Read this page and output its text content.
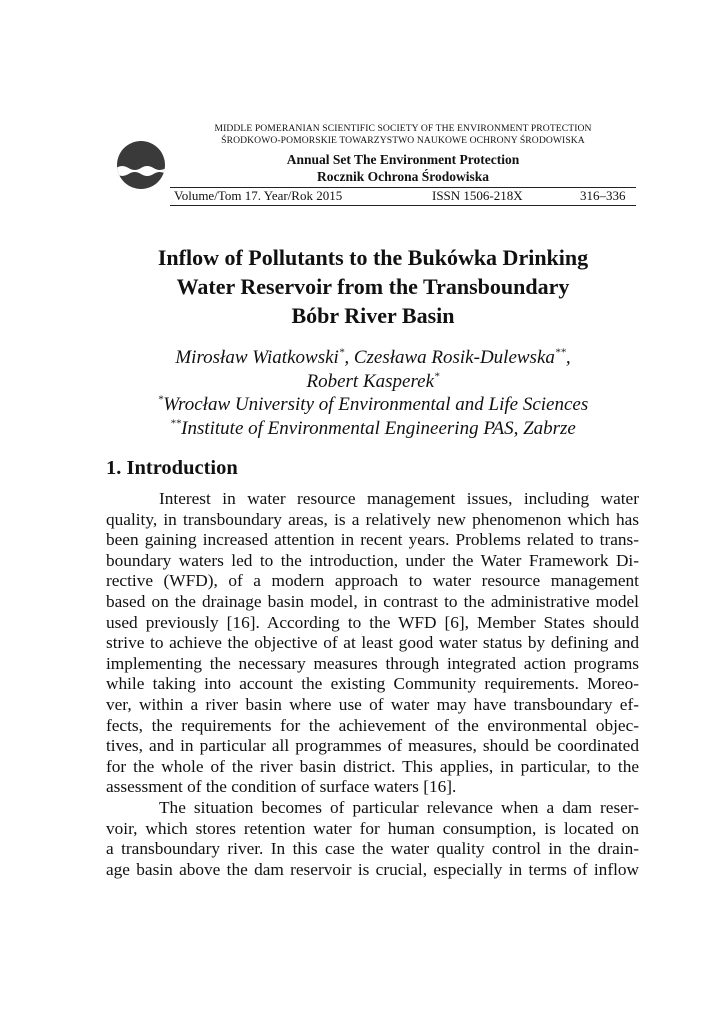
MIDDLE POMERANIAN SCIENTIFIC SOCIETY OF THE ENVIRONMENT PROTECTION
ŚRODKOWO-POMORSKIE TOWARZYSTWO NAUKOWE OCHRONY ŚRODOWISKA
Annual Set The Environment Protection
Rocznik Ochrona Środowiska
Volume/Tom 17. Year/Rok 2015	ISSN 1506-218X	316–336
Inflow of Pollutants to the Bukówka Drinking
Water Reservoir from the Transboundary
Bóbr River Basin
Mirosław Wiatkowski*, Czesława Rosik-Dulewska**,
Robert Kasperek*
*Wrocław University of Environmental and Life Sciences
**Institute of Environmental Engineering PAS, Zabrze
1. Introduction
Interest in water resource management issues, including water
quality, in transboundary areas, is a relatively new phenomenon which has
been gaining increased attention in recent years. Problems related to trans-
boundary waters led to the introduction, under the Water Framework Di-
rective (WFD), of a modern approach to water resource management
based on the drainage basin model, in contrast to the administrative model
used previously [16]. According to the WFD [6], Member States should
strive to achieve the objective of at least good water status by defining and
implementing the necessary measures through integrated action programs
while taking into account the existing Community requirements. Moreo-
ver, within a river basin where use of water may have transboundary ef-
fects, the requirements for the achievement of the environmental objec-
tives, and in particular all programmes of measures, should be coordinated
for the whole of the river basin district. This applies, in particular, to the
assessment of the condition of surface waters [16].
The situation becomes of particular relevance when a dam reser-
voir, which stores retention water for human consumption, is located on
a transboundary river. In this case the water quality control in the drain-
age basin above the dam reservoir is crucial, especially in terms of inflow
